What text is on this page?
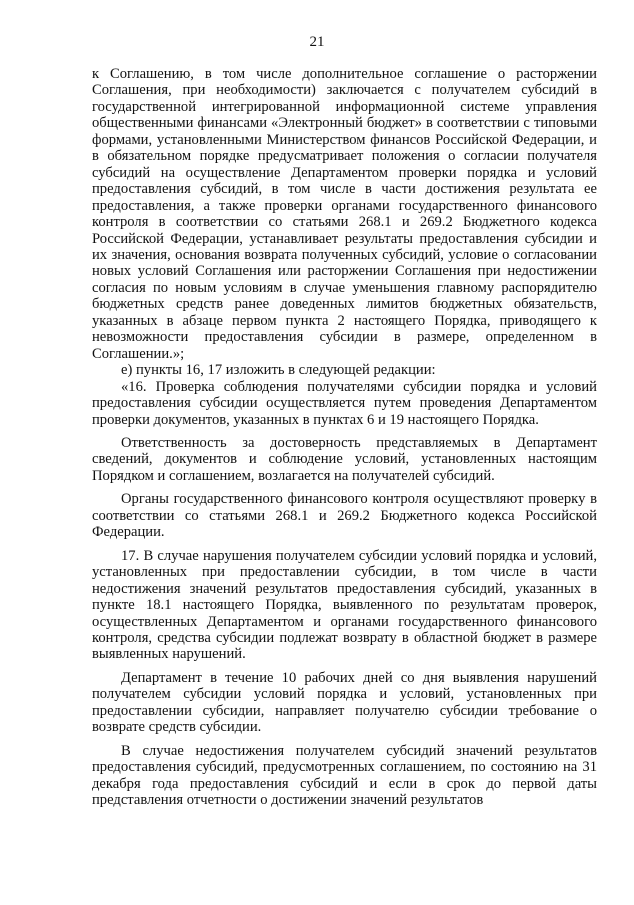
21

к Соглашению, в том числе дополнительное соглашение о расторжении Соглашения, при необходимости) заключается с получателем субсидий в государственной интегрированной информационной системе управления общественными финансами «Электронный бюджет» в соответствии с типовыми формами, установленными Министерством финансов Российской Федерации, и в обязательном порядке предусматривает положения о согласии получателя субсидий на осуществление Департаментом проверки порядка и условий предоставления субсидий, в том числе в части достижения результата ее предоставления, а также проверки органами государственного финансового контроля в соответствии со статьями 268.1 и 269.2 Бюджетного кодекса Российской Федерации, устанавливает результаты предоставления субсидии и их значения, основания возврата полученных субсидий, условие о согласовании новых условий Соглашения или расторжении Соглашения при недостижении согласия по новым условиям в случае уменьшения главному распорядителю бюджетных средств ранее доведенных лимитов бюджетных обязательств, указанных в абзаце первом пункта 2 настоящего Порядка, приводящего к невозможности предоставления субсидии в размере, определенном в Соглашении.»;

е) пункты 16, 17 изложить в следующей редакции:

«16. Проверка соблюдения получателями субсидии порядка и условий предоставления субсидии осуществляется путем проведения Департаментом проверки документов, указанных в пунктах 6 и 19 настоящего Порядка.

Ответственность за достоверность представляемых в Департамент сведений, документов и соблюдение условий, установленных настоящим Порядком и соглашением, возлагается на получателей субсидий.

Органы государственного финансового контроля осуществляют проверку в соответствии со статьями 268.1 и 269.2 Бюджетного кодекса Российской Федерации.

17. В случае нарушения получателем субсидии условий порядка и условий, установленных при предоставлении субсидии, в том числе в части недостижения значений результатов предоставления субсидий, указанных в пункте 18.1 настоящего Порядка, выявленного по результатам проверок, осуществленных Департаментом и органами государственного финансового контроля, средства субсидии подлежат возврату в областной бюджет в размере выявленных нарушений.

Департамент в течение 10 рабочих дней со дня выявления нарушений получателем субсидии условий порядка и условий, установленных при предоставлении субсидии, направляет получателю субсидии требование о возврате средств субсидии.

В случае недостижения получателем субсидий значений результатов предоставления субсидий, предусмотренных соглашением, по состоянию на 31 декабря года предоставления субсидий и если в срок до первой даты представления отчетности о достижении значений результатов
